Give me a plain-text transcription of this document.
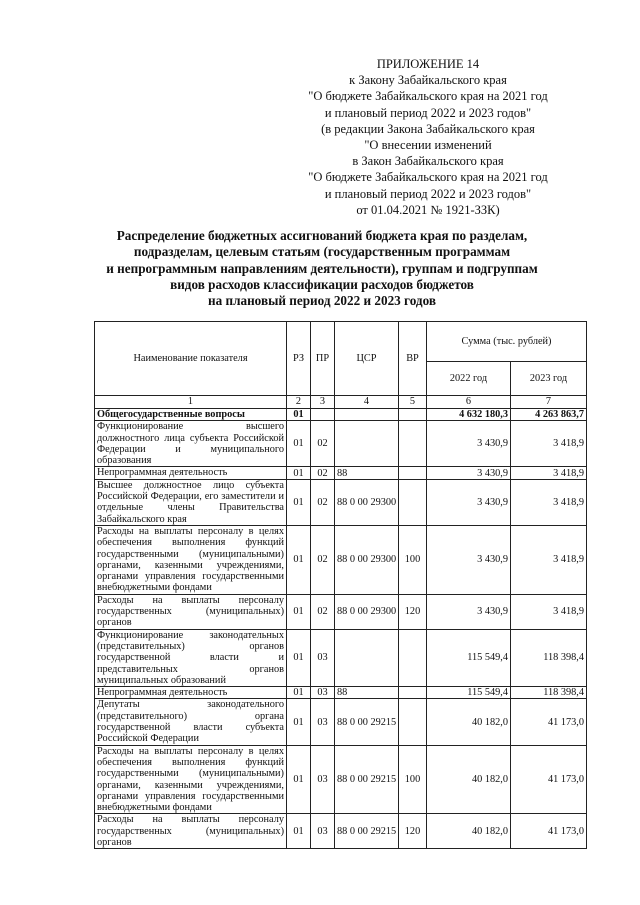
ПРИЛОЖЕНИЕ 14
к Закону Забайкальского края
"О бюджете Забайкальского края на 2021 год
и плановый период 2022 и 2023 годов"
(в редакции Закона Забайкальского края
"О внесении изменений
в Закон Забайкальского края
"О бюджете Забайкальского края на 2021 год
и плановый период 2022 и 2023 годов"
от 01.04.2021 № 1921-ЗЗК)
Распределение бюджетных ассигнований бюджета края по разделам,
подразделам, целевым статьям (государственным программам
и непрограммным направлениям деятельности), группам и подгруппам
видов расходов классификации расходов бюджетов
на плановый период 2022 и 2023 годов
Наименование показателя	РЗ	ПР	ЦСР	ВР	Сумма (тыс. рублей)	
					2022 год	2023 год
1	2	3	4	5	6	7
Общегосударственные вопросы	01				4 632 180,3	4 263 863,7
Функционирование высшего должностного лица субъекта Российской Федерации и муниципального образования	01	02			3 430,9	3 418,9
Непрограммная деятельность	01	02	88		3 430,9	3 418,9
Высшее должностное лицо субъекта Российской Федерации, его заместители и отдельные члены Правительства Забайкальского края	01	02	88 0 00 29300		3 430,9	3 418,9
Расходы на выплаты персоналу в целях обеспечения выполнения функций государственными (муниципальными) органами, казенными учреждениями, органами управления государственными внебюджетными фондами	01	02	88 0 00 29300	100	3 430,9	3 418,9
Расходы на выплаты персоналу государственных (муниципальных) органов	01	02	88 0 00 29300	120	3 430,9	3 418,9
Функционирование законодательных (представительных) органов государственной власти и представительных органов муниципальных образований	01	03			115 549,4	118 398,4
Непрограммная деятельность	01	03	88		115 549,4	118 398,4
Депутаты законодательного (представительного) органа государственной власти субъекта Российской Федерации	01	03	88 0 00 29215		40 182,0	41 173,0
Расходы на выплаты персоналу в целях обеспечения выполнения функций государственными (муниципальными) органами, казенными учреждениями, органами управления государственными внебюджетными фондами	01	03	88 0 00 29215	100	40 182,0	41 173,0
Расходы на выплаты персоналу государственных (муниципальных) органов	01	03	88 0 00 29215	120	40 182,0	41 173,0
